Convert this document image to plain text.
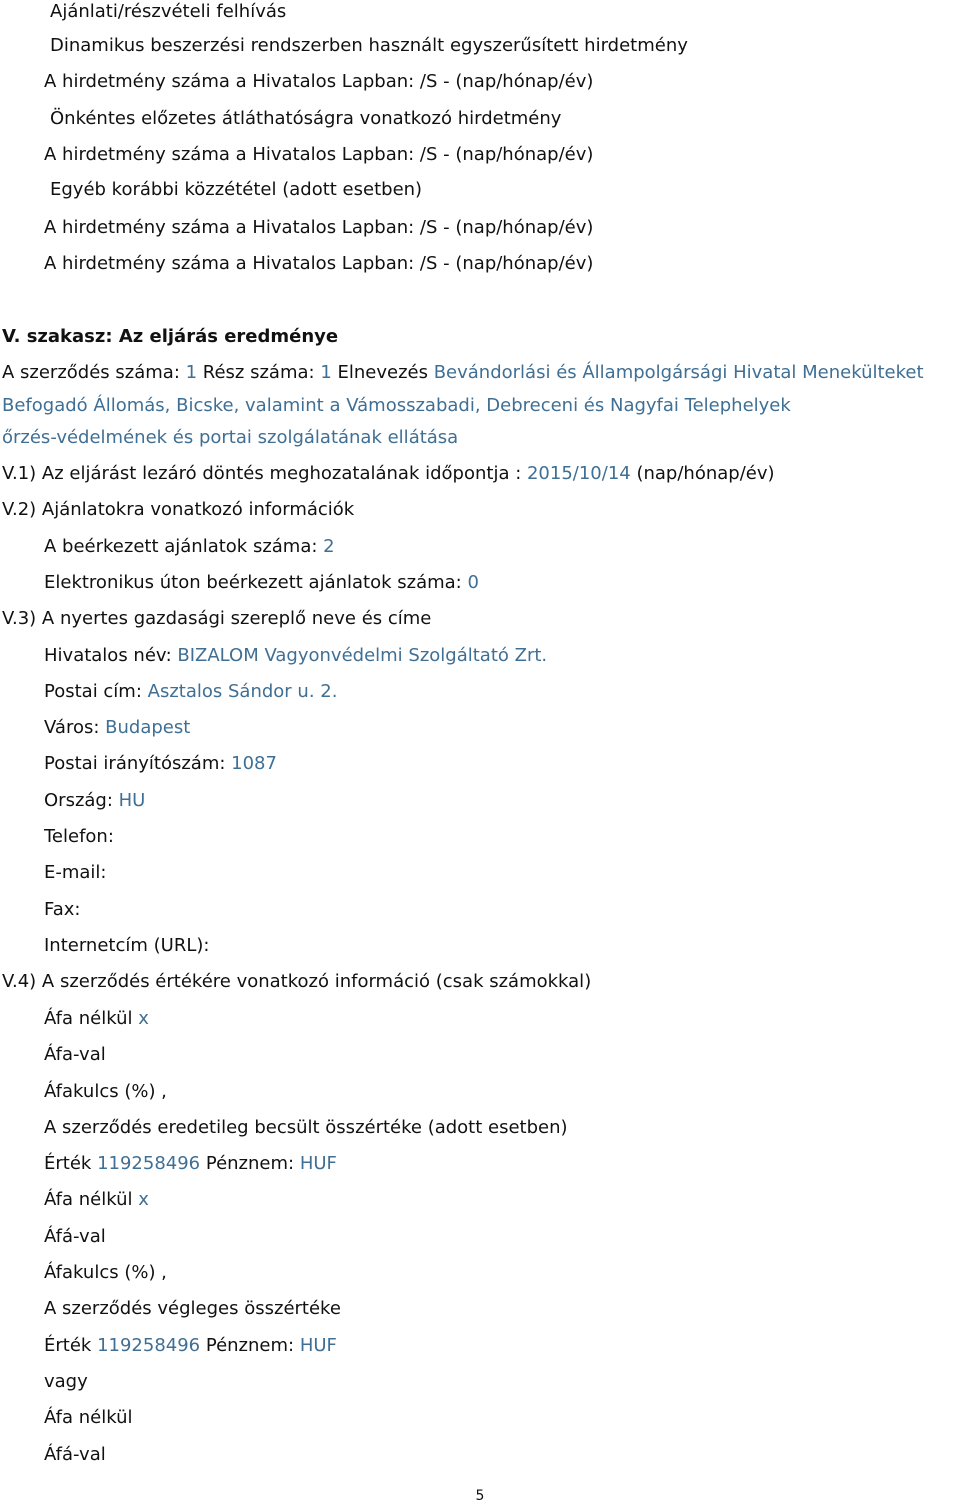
Ajánlati/részvételi felhívás
Dinamikus beszerzési rendszerben használt egyszerűsített hirdetmény
A hirdetmény száma a Hivatalos Lapban: /S - (nap/hónap/év)
Önkéntes előzetes átláthatóságra vonatkozó hirdetmény
A hirdetmény száma a Hivatalos Lapban: /S - (nap/hónap/év)
Egyéb korábbi közzététel (adott esetben)
A hirdetmény száma a Hivatalos Lapban: /S - (nap/hónap/év)
A hirdetmény száma a Hivatalos Lapban: /S - (nap/hónap/év)
V. szakasz: Az eljárás eredménye
A szerződés száma: 1 Rész száma: 1 Elnevezés Bevándorlási és Állampolgársági Hivatal Menekülteket
Befogadó Állomás, Bicske, valamint a Vámosszabadi, Debreceni és Nagyfai Telephelyek
őrzés-védelmének és portai szolgálatának ellátása
V.1) Az eljárást lezáró döntés meghozatalának időpontja : 2015/10/14 (nap/hónap/év)
V.2) Ajánlatokra vonatkozó információk
A beérkezett ajánlatok száma: 2
Elektronikus úton beérkezett ajánlatok száma: 0
V.3) A nyertes gazdasági szereplő neve és címe
Hivatalos név: BIZALOM Vagyonvédelmi Szolgáltató Zrt.
Postai cím: Asztalos Sándor u. 2.
Város: Budapest
Postai irányítószám: 1087
Ország: HU
Telefon:
E-mail:
Fax:
Internetcím (URL):
V.4) A szerződés értékére vonatkozó információ (csak számokkal)
Áfa nélkül x
Áfa-val
Áfakulcs (%) ,
A szerződés eredetileg becsült összértéke (adott esetben)
Érték 119258496 Pénznem: HUF
Áfa nélkül x
Áfá-val
Áfakulcs (%) ,
A szerződés végleges összértéke
Érték 119258496 Pénznem: HUF
vagy
Áfa nélkül
Áfá-val
5
